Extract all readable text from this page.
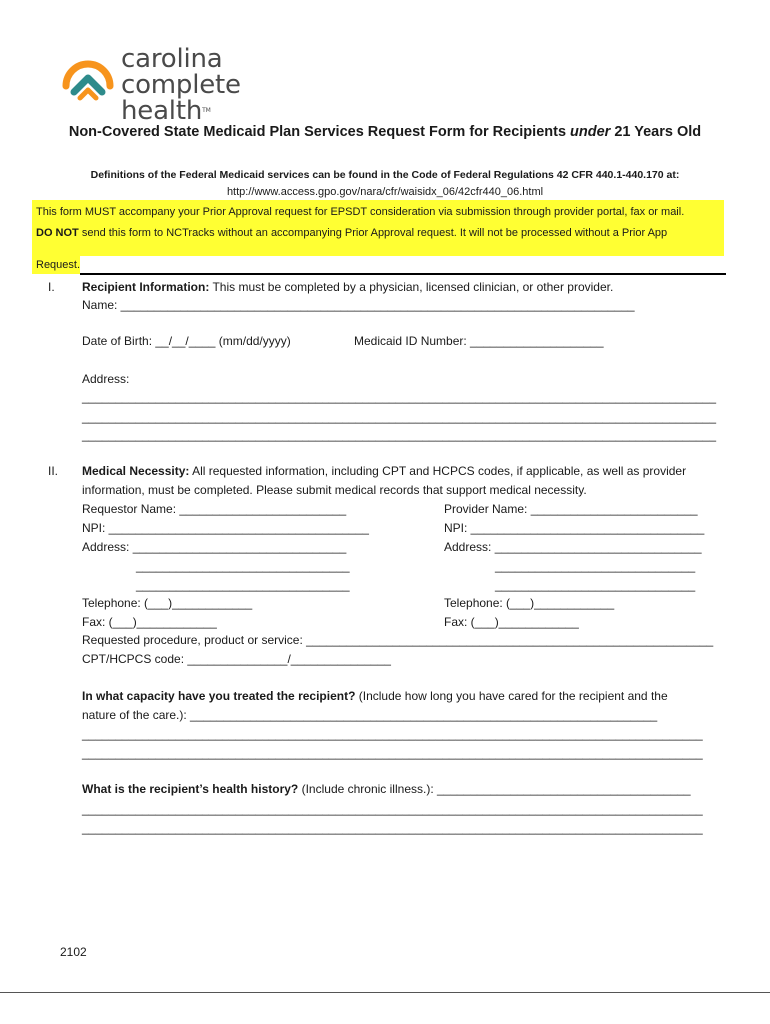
carolina
complete healthTM
Non-Covered State Medicaid Plan Services Request Form for Recipients under 21 Years Old
Definitions of the Federal Medicaid services can be found in the Code of Federal Regulations 42 CFR 440.1-440.170 at:
http://www.access.gpo.gov/nara/cfr/waisidx_06/42cfr440_06.html
This form MUST accompany your Prior Approval request for EPSDT consideration via submission through provider portal, fax or mail.
DO NOT send this form to NCTracks without an accompanying Prior Approval request. It will not be processed without a Prior App
Request.
I. Recipient Information: This must be completed by a physician, licensed clinician, or other provider.
Name: _____________________________________________________________________________
Date of Birth: __/__/____ (mm/dd/yyyy)	Medicaid ID Number: ____________________
Address:
_______________________________________________________________________________________________
_______________________________________________________________________________________________
_______________________________________________________________________________________________
II. Medical Necessity: All requested information, including CPT and HCPCS codes, if applicable, as well as provider
information, must be completed. Please submit medical records that support medical necessity.
Requestor Name: _________________________
NPI: _______________________________________
Address: ________________________________
________________________________
________________________________
Telephone: (___)____________
Fax: (___)____________
Provider Name: _________________________
NPI: ___________________________________
Address: _______________________________
______________________________
______________________________
Telephone: (___)____________
Fax: (___)____________
Requested procedure, product or service: _____________________________________________________________
CPT/HCPCS code: _______________/_______________
In what capacity have you treated the recipient? (Include how long you have cared for the recipient and the
nature of the care.): ______________________________________________________________________
_____________________________________________________________________________________________
_____________________________________________________________________________________________
What is the recipient’s health history? (Include chronic illness.): ______________________________________
_____________________________________________________________________________________________
_____________________________________________________________________________________________
2102
